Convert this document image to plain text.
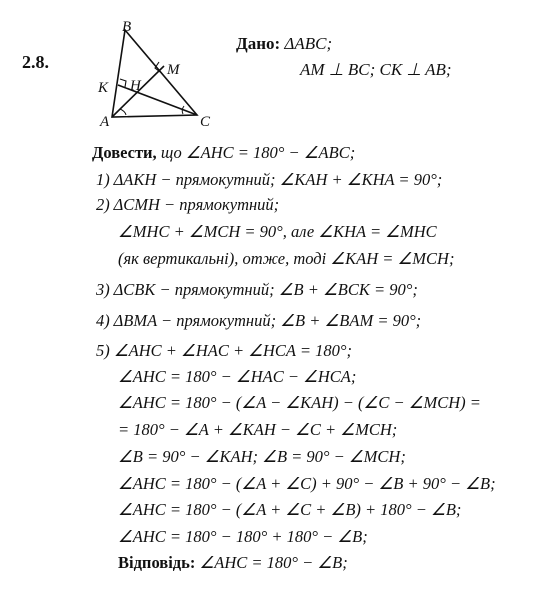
2.8.
B
M
K H
A	C
Дано: ΔABC;
AM ⊥ BC; CK ⊥ AB;
Довести, що ∠AHC = 180° − ∠ABC;
1) ΔAKH − прямокутний; ∠KAH + ∠KHA = 90°;
2) ΔCMH − прямокутний;
∠MHC + ∠MCH = 90°, але ∠KHA = ∠MHC
(як вертикальні), отже, тоді ∠KAH = ∠MCH;
3) ΔCBK − прямокутний; ∠B + ∠BCK = 90°;
4) ΔBMA − прямокутний; ∠B + ∠BAM = 90°;
5) ∠AHC + ∠HAC + ∠HCA = 180°;
∠AHC = 180° − ∠HAC − ∠HCA;
∠AHC = 180° − (∠A − ∠KAH) − (∠C − ∠MCH) =
= 180° − ∠A + ∠KAH − ∠C + ∠MCH;
∠B = 90° − ∠KAH; ∠B = 90° − ∠MCH;
∠AHC = 180° − (∠A + ∠C) + 90° − ∠B + 90° − ∠B;
∠AHC = 180° − (∠A + ∠C + ∠B) + 180° − ∠B;
∠AHC = 180° − 180° + 180° − ∠B;
Відповідь: ∠AHC = 180° − ∠B;
